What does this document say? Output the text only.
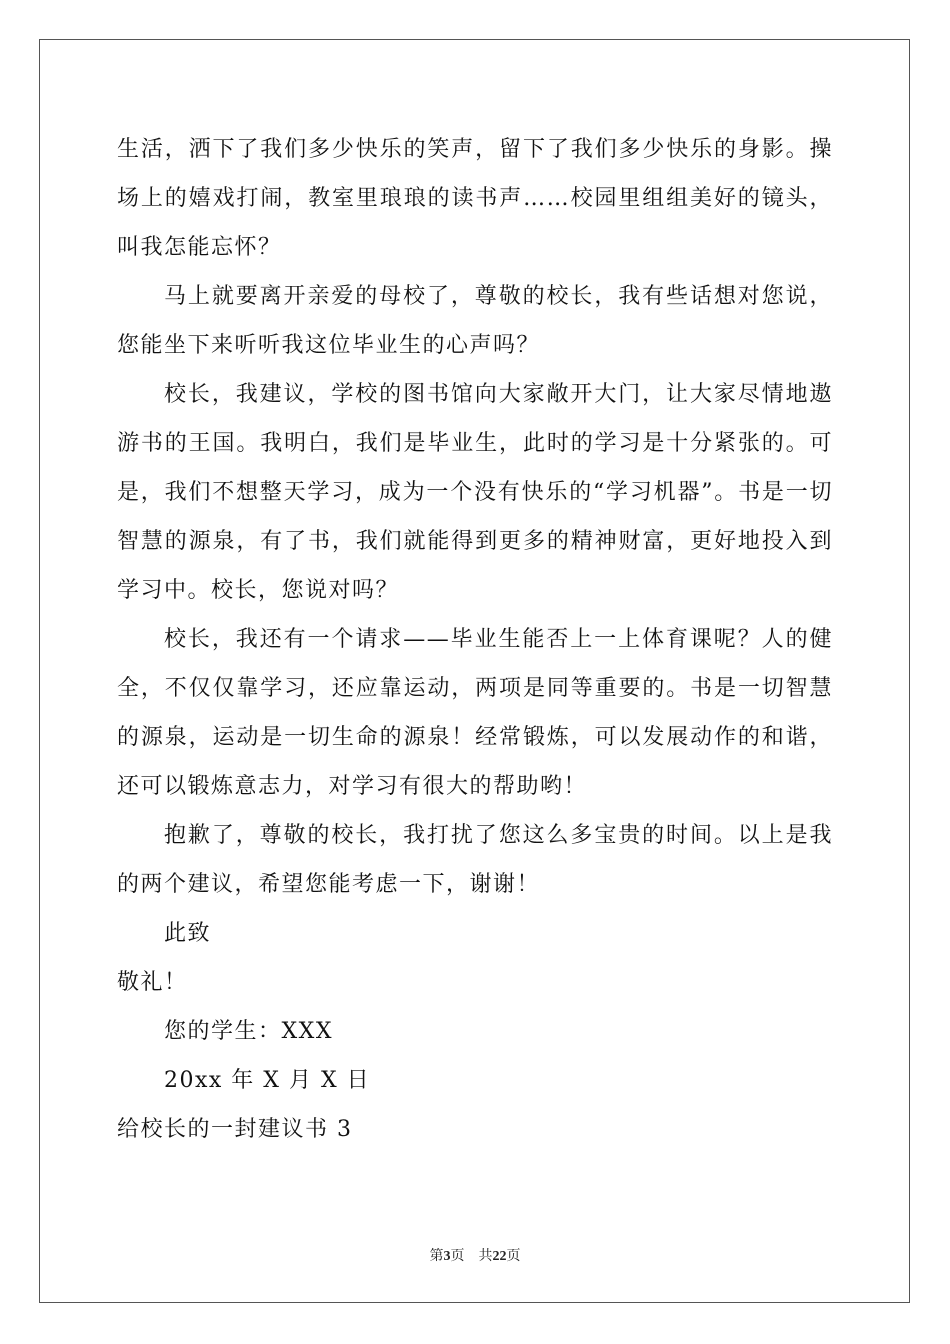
生活，洒下了我们多少快乐的笑声，留下了我们多少快乐的身影。操场上的嬉戏打闹，教室里琅琅的读书声……校园里组组美好的镜头，叫我怎能忘怀？

马上就要离开亲爱的母校了，尊敬的校长，我有些话想对您说，您能坐下来听听我这位毕业生的心声吗？

校长，我建议，学校的图书馆向大家敞开大门，让大家尽情地遨游书的王国。我明白，我们是毕业生，此时的学习是十分紧张的。可是，我们不想整天学习，成为一个没有快乐的“学习机器”。书是一切智慧的源泉，有了书，我们就能得到更多的精神财富，更好地投入到学习中。校长，您说对吗？

校长，我还有一个请求——毕业生能否上一上体育课呢？人的健全，不仅仅靠学习，还应靠运动，两项是同等重要的。书是一切智慧的源泉，运动是一切生命的源泉！经常锻炼，可以发展动作的和谐，还可以锻炼意志力，对学习有很大的帮助哟！

抱歉了，尊敬的校长，我打扰了您这么多宝贵的时间。以上是我的两个建议，希望您能考虑一下，谢谢！

此致

敬礼！

您的学生：XXX

20xx 年 X 月 X 日

给校长的一封建议书 3

第3页 共22页
